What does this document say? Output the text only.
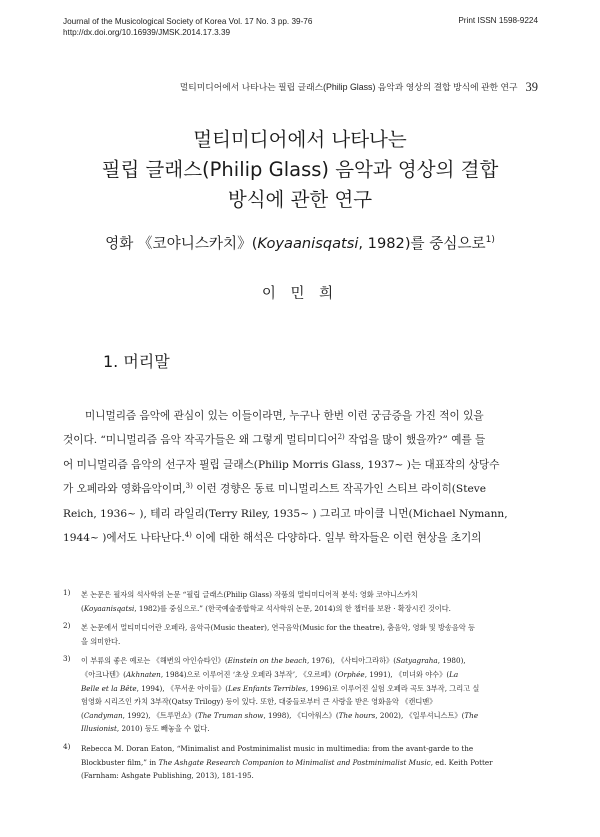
Journal of the Musicological Society of Korea Vol. 17 No. 3 pp. 39-76
http://dx.doi.org/10.16939/JMSK.2014.17.3.39
Print ISSN 1598-9224
멀티미디어에서 나타나는 필립 글래스(Philip Glass) 음악과 영상의 결합 방식에 관한 연구 39
멀티미디어에서 나타나는
필립 글래스(Philip Glass) 음악과 영상의 결합
방식에 관한 연구
영화 《코야니스카치》(Koyaanisqatsi, 1982)를 중심으로$^{1)}$
이 민 희
1. 머리말
미니멀리즘 음악에 관심이 있는 이들이라면, 누구나 한번 이런 궁금증을 가진 적이 있을
것이다. “미니멀리즘 음악 작곡가들은 왜 그렇게 멀티미디어$^{2)}$ 작업을 많이 했을까?” 예를 들
어 미니멀리즘 음악의 선구자 필립 글래스(Philip Morris Glass, 1937~ )는 대표작의 상당수
가 오페라와 영화음악이며,$^{3)}$ 이런 경향은 동료 미니멀리스트 작곡가인 스티브 라이히(Steve
Reich, 1936~ ), 테리 라일리(Terry Riley, 1935~ ) 그리고 마이클 니먼(Michael Nymann,
1944~ )에서도 나타난다.$^{4)}$ 이에 대한 해석은 다양하다. 일부 학자들은 이런 현상을 초기의
1) 본 논문은 필자의 석사학위 논문 “필립 글래스(Philip Glass) 작품의 멀티미디어적 분석: 영화 코야니스카치
(Koyaanisqatsi, 1982)를 중심으로.” (한국예술종합학교 석사학위 논문, 2014)의 한 챕터를 보완 · 확장시킨 것이다.
2) 본 논문에서 멀티미디어란 오페라, 음악극(Music theater), 연극음악(Music for the theatre), 춤음악, 영화 및 방송음악 등
을 의미한다.
3) 이 부류의 좋은 예로는 《해변의 아인슈타인》(Einstein on the beach, 1976), 《사티아그라하》(Satyagraha, 1980),
《아크나텐》(Akhnaten, 1984)으로 이루어진 ‘초상 오페라 3부작’, 《오르페》(Orphée, 1991), 《미녀와 야수》(La
Belle et la Bête, 1994), 《무서운 아이들》(Les Enfants Terribles, 1996)로 이루어진 실험 오페라 곡토 3부작, 그리고 실
험영화 시리즈인 카치 3부작(Qatsy Trilogy) 등이 있다. 또한, 대중들로부터 큰 사랑을 받은 영화음악 《캔디맨》
(Candyman, 1992), 《트루먼쇼》(The Truman show, 1998), 《디아워스》(The hours, 2002), 《일루셔니스트》(The
Illusionist, 2010) 등도 빼놓을 수 없다.
4) Rebecca M. Doran Eaton, “Minimalist and Postminimalist music in multimedia: from the avant-garde to the
Blockbuster film,” in The Ashgate Research Companion to Minimalist and Postminimalist Music, ed. Keith Potter
(Farnham: Ashgate Publishing, 2013), 181-195.
